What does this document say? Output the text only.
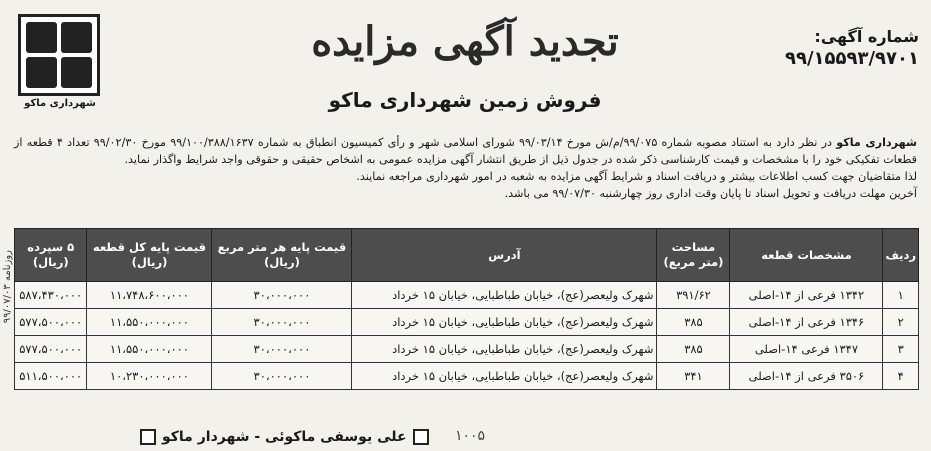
شهرداری ماکو
تجدید آگهی مزایده
فروش زمین شهرداری ماکو
شماره آگهی:
۹۹/۱۵۵۹۳/۹۷۰۱
روزنامه ۹۹/۰۷/۰۳

شهرداری ماکو در نظر دارد به استناد مصوبه شماره ۹۹/۰۷۵/م/ش مورخ ۹۹/۰۳/۱۴ شورای اسلامی شهر و رأی کمیسیون انطباق به شماره ۹۹/۱۰۰/۳۸۸/۱۶۳۷ مورخ ۹۹/۰۲/۳۰ تعداد ۴ قطعه از قطعات تفکیکی خود را با مشخصات و قیمت کارشناسی ذکر شده در جدول ذیل از طریق انتشار آگهی مزایده عمومی به اشخاص حقیقی و حقوقی واجد شرایط واگذار نماید.

لذا متقاضیان جهت کسب اطلاعات بیشتر و دریافت اسناد و شرایط آگهی مزایده به شعبه در امور شهرداری مراجعه نمایند.

آخرین مهلت دریافت و تحویل اسناد تا پایان وقت اداری روز چهارشنبه ۹۹/۰۷/۳۰ می باشد.

ردیف	مشخصات قطعه	مساحت (متر مربع)	آدرس	قیمت پایه هر متر مربع (ریال)	قیمت پایه کل قطعه (ریال)	۵ سپرده (ریال)
۱	۱۳۴۲ فرعی از ۱۴-اصلی	۳۹۱/۶۲	شهرک ولیعصر(عج)، خیابان طباطبایی، خیابان ۱۵ خرداد	۳۰،۰۰۰،۰۰۰	۱۱،۷۴۸،۶۰۰،۰۰۰	۵۸۷،۴۳۰،۰۰۰
۲	۱۳۴۶ فرعی از ۱۴-اصلی	۳۸۵	شهرک ولیعصر(عج)، خیابان طباطبایی، خیابان ۱۵ خرداد	۳۰،۰۰۰،۰۰۰	۱۱،۵۵۰،۰۰۰،۰۰۰	۵۷۷،۵۰۰،۰۰۰
۳	۱۳۴۷ فرعی ۱۴-اصلی	۳۸۵	شهرک ولیعصر(عج)، خیابان طباطبایی، خیابان ۱۵ خرداد	۳۰،۰۰۰،۰۰۰	۱۱،۵۵۰،۰۰۰،۰۰۰	۵۷۷،۵۰۰،۰۰۰
۴	۳۵۰۶ فرعی از ۱۴-اصلی	۳۴۱	شهرک ولیعصر(عج)، خیابان طباطبایی، خیابان ۱۵ خرداد	۳۰،۰۰۰،۰۰۰	۱۰،۲۳۰،۰۰۰،۰۰۰	۵۱۱،۵۰۰،۰۰۰
علی یوسفی ماکوئی - شهردار ماکو	۱۰۰۵
